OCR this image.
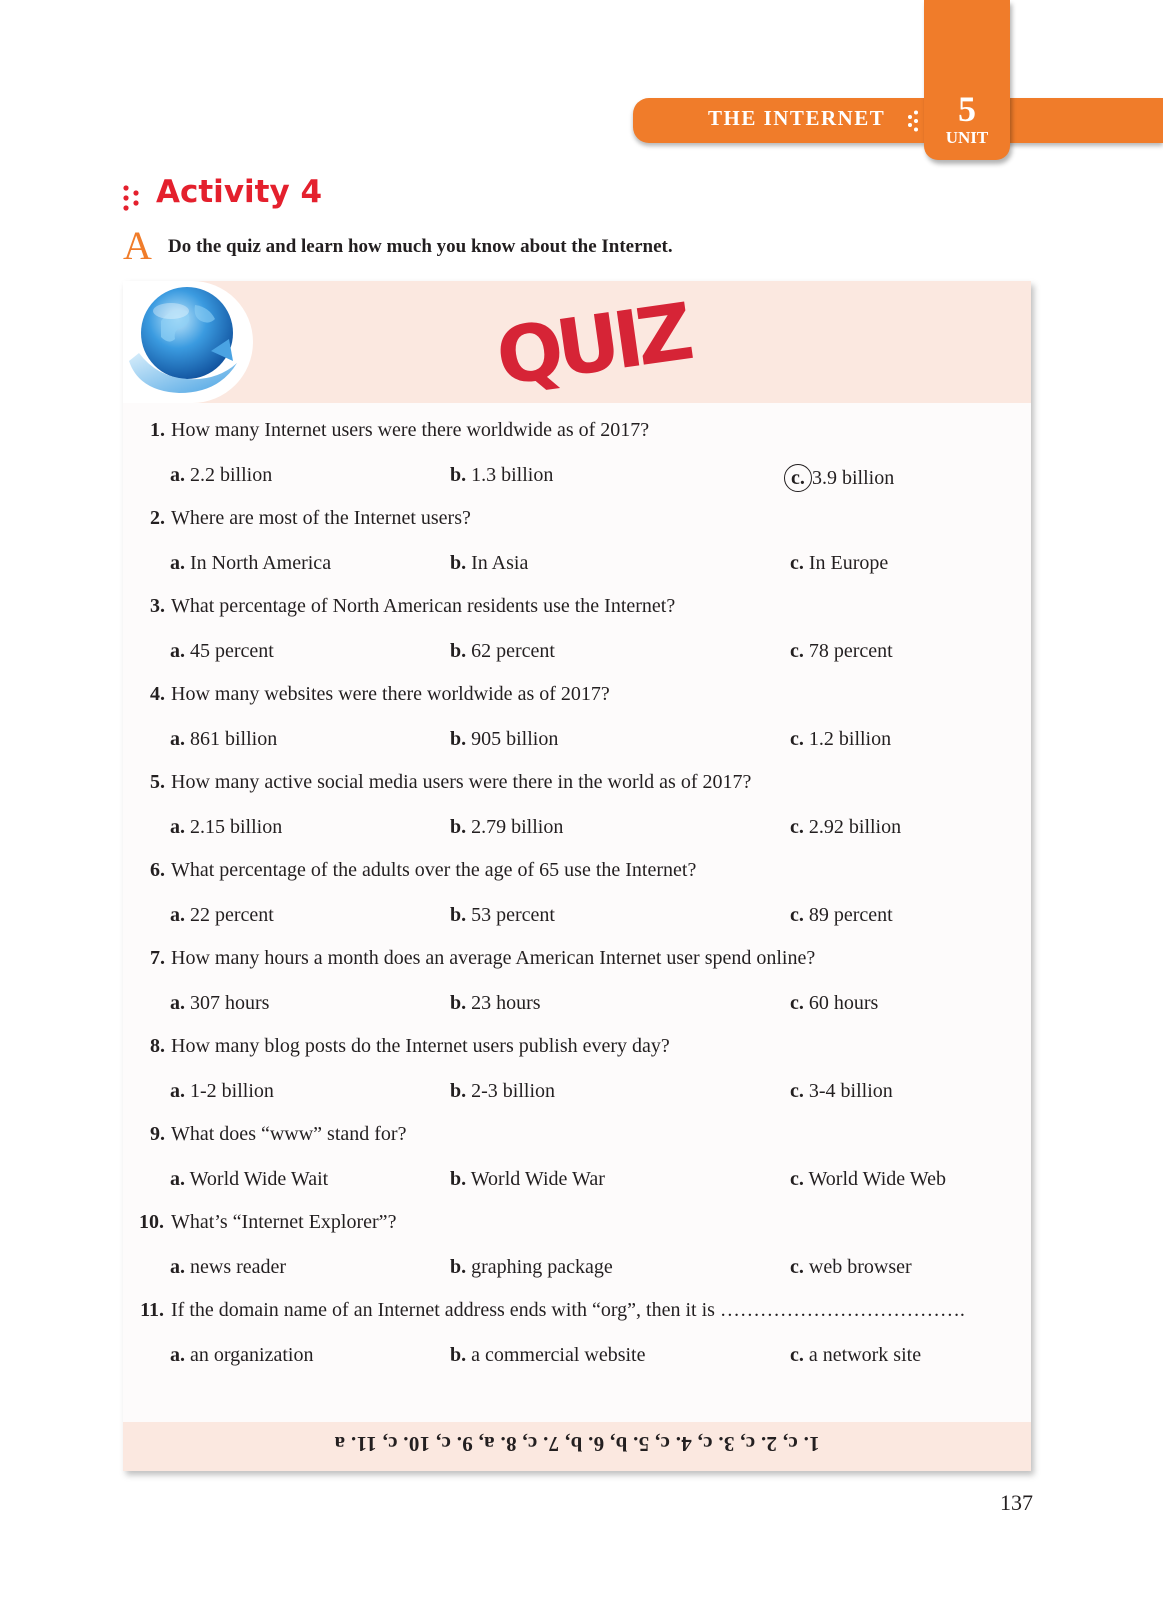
THE INTERNET	5
UNIT
Activity 4
A Do the quiz and learn how much you know about the Internet.
QUIZ
1. How many Internet users were there worldwide as of 2017?
a. 2.2 billion	b. 1.3 billion	c. 3.9 billion
2. Where are most of the Internet users?
a. In North America	b. In Asia	c. In Europe
3. What percentage of North American residents use the Internet?
a. 45 percent	b. 62 percent	c. 78 percent
4. How many websites were there worldwide as of 2017?
a. 861 billion	b. 905 billion	c. 1.2 billion
5. How many active social media users were there in the world as of 2017?
a. 2.15 billion	b. 2.79 billion	c. 2.92 billion
6. What percentage of the adults over the age of 65 use the Internet?
a. 22 percent	b. 53 percent	c. 89 percent
7. How many hours a month does an average American Internet user spend online?
a. 307 hours	b. 23 hours	c. 60 hours
8. How many blog posts do the Internet users publish every day?
a. 1-2 billion	b. 2-3 billion	c. 3-4 billion
9. What does “www” stand for?
a. World Wide Wait	b. World Wide War	c. World Wide Web
10. What’s “Internet Explorer”?
a. news reader	b. graphing package	c. web browser
11. If the domain name of an Internet address ends with “org”, then it is ……………………………….
a. an organization	b. a commercial website	c. a network site
1. c, 2. c, 3. c, 4. c, 5. b, 6. b, 7. c, 8. a, 9. c, 10. c, 11. a
137
